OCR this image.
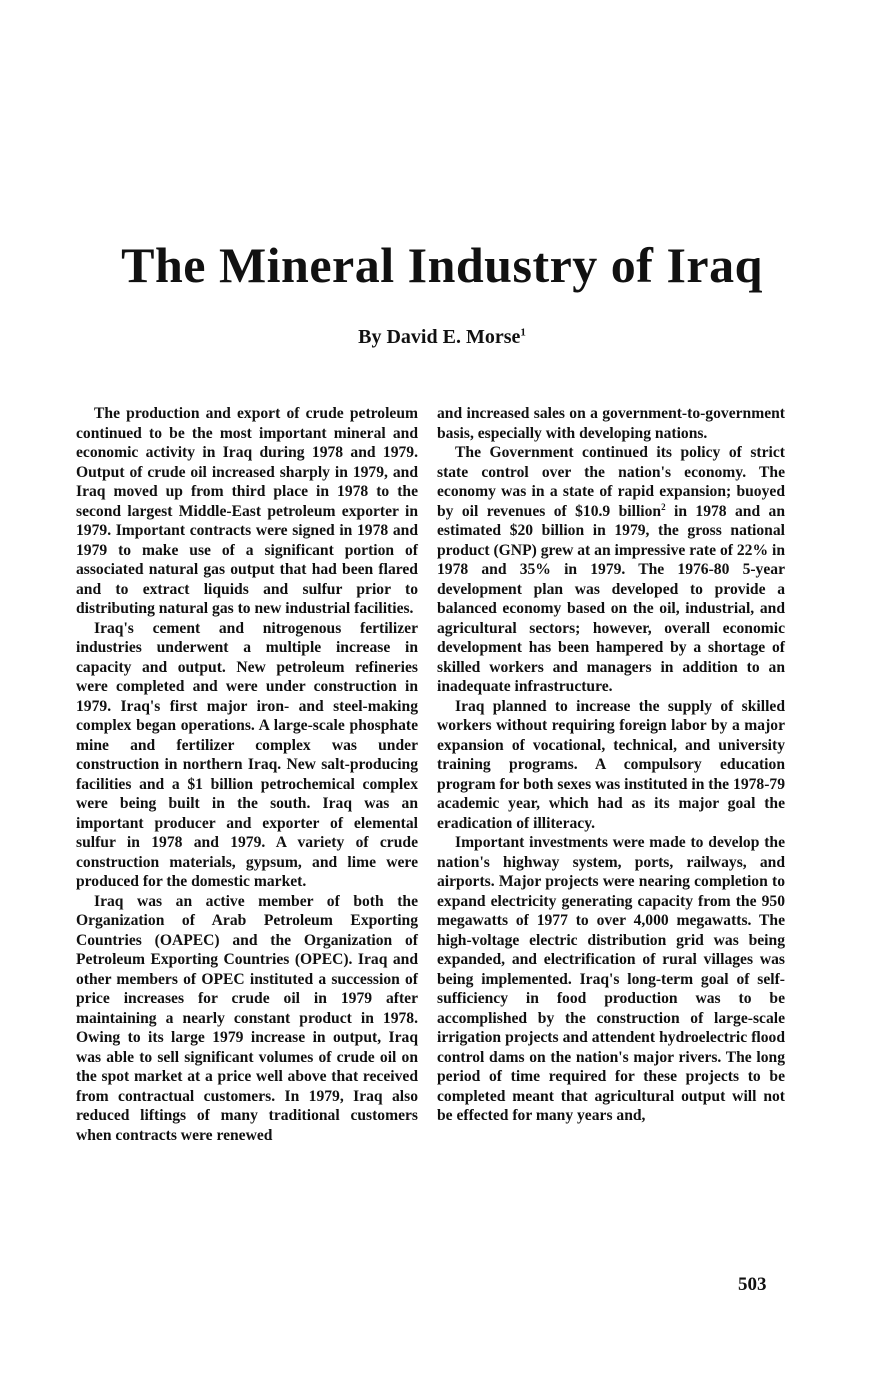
The Mineral Industry of Iraq

By David E. Morse$^1$

The production and export of crude petroleum continued to be the most important mineral and economic activity in Iraq during 1978 and 1979. Output of crude oil increased sharply in 1979, and Iraq moved up from third place in 1978 to the second largest Middle-East petroleum exporter in 1979. Important contracts were signed in 1978 and 1979 to make use of a significant portion of associated natural gas output that had been flared and to extract liquids and sulfur prior to distributing natural gas to new industrial facilities.

Iraq's cement and nitrogenous fertilizer industries underwent a multiple increase in capacity and output. New petroleum refineries were completed and were under construction in 1979. Iraq's first major iron- and steel-making complex began operations. A large-scale phosphate mine and fertilizer complex was under construction in northern Iraq. New salt-producing facilities and a $1 billion petrochemical complex were being built in the south. Iraq was an important producer and exporter of elemental sulfur in 1978 and 1979. A variety of crude construction materials, gypsum, and lime were produced for the domestic market.

Iraq was an active member of both the Organization of Arab Petroleum Exporting Countries (OAPEC) and the Organization of Petroleum Exporting Countries (OPEC). Iraq and other members of OPEC instituted a succession of price increases for crude oil in 1979 after maintaining a nearly constant product in 1978. Owing to its large 1979 increase in output, Iraq was able to sell significant volumes of crude oil on the spot market at a price well above that received from contractual customers. In 1979, Iraq also reduced liftings of many traditional customers when contracts were renewed

and increased sales on a government-to-government basis, especially with developing nations.

The Government continued its policy of strict state control over the nation's economy. The economy was in a state of rapid expansion; buoyed by oil revenues of $10.9 billion$^2$ in 1978 and an estimated $20 billion in 1979, the gross national product (GNP) grew at an impressive rate of 22% in 1978 and 35% in 1979. The 1976-80 5-year development plan was developed to provide a balanced economy based on the oil, industrial, and agricultural sectors; however, overall economic development has been hampered by a shortage of skilled workers and managers in addition to an inadequate infrastructure.

Iraq planned to increase the supply of skilled workers without requiring foreign labor by a major expansion of vocational, technical, and university training programs. A compulsory education program for both sexes was instituted in the 1978-79 academic year, which had as its major goal the eradication of illiteracy.

Important investments were made to develop the nation's highway system, ports, railways, and airports. Major projects were nearing completion to expand electricity generating capacity from the 950 megawatts of 1977 to over 4,000 megawatts. The high-voltage electric distribution grid was being expanded, and electrification of rural villages was being implemented. Iraq's long-term goal of self-sufficiency in food production was to be accomplished by the construction of large-scale irrigation projects and attendent hydroelectric flood control dams on the nation's major rivers. The long period of time required for these projects to be completed meant that agricultural output will not be effected for many years and,

503
